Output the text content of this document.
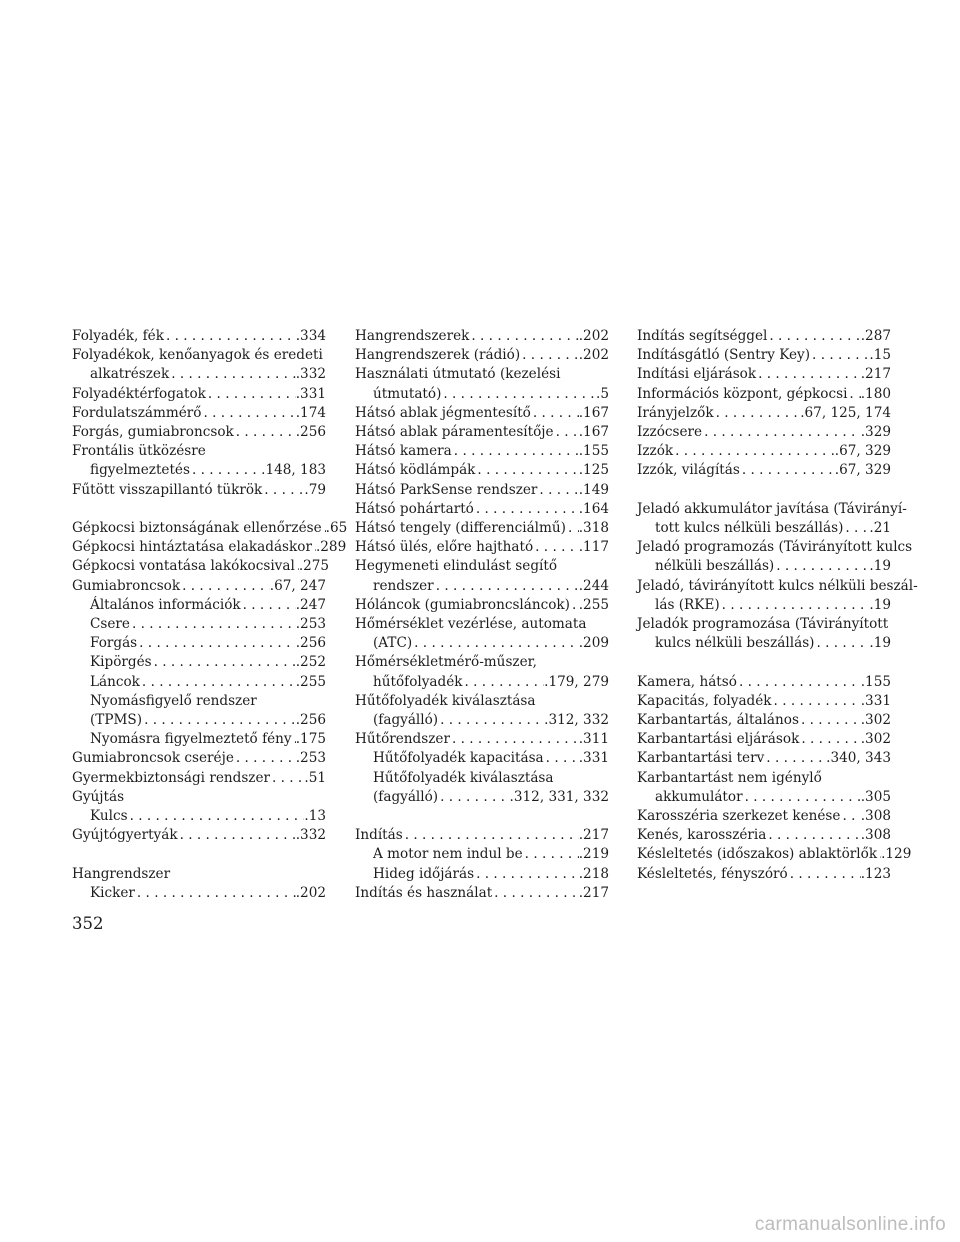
Folyadék, fék . . .	.334
Folyadékok, kenőanyagok és eredeti
alkatrészek . . .	.332
Folyadéktérfogatok . . .	.331
Fordulatszámmérő . . .	.174
Forgás, gumiabroncsok . . .	.256
Frontális ütközésre
figyelmeztetés . . .	.148, 183
Fűtött visszapillantó tükrök . . .	.79
Gépkocsi biztonságának ellenőrzése . . . .65
Gépkocsi hintáztatása elakadáskor . . . .289
Gépkocsi vontatása lakókocsival . . . .275
Gumiabroncsok . . .	.67, 247
Általános információk . . .	.247
Csere . . .	.253
Forgás . . .	.256
Kipörgés . . .	.252
Láncok . . .	.255
Nyomásfigyelő rendszer
(TPMS) . . .	.256
Nyomásra figyelmeztető fény . . . .175
Gumiabroncsok cseréje . . .	.253
Gyermekbiztonsági rendszer . . .	.51
Gyújtás
Kulcs . . .	.13
Gyújtógyertyák . . .	.332
Hangrendszer
Kicker . . .	.202
Hangrendszerek . . .	.202
Hangrendszerek (rádió) . . .	.202
Használati útmutató (kezelési
útmutató) . . .	.5
Hátsó ablak jégmentesítő . . .	.167
Hátsó ablak páramentesítője . . . .167
Hátsó kamera . . .	.155
Hátsó ködlámpák . . .	.125
Hátsó ParkSense rendszer . . .	.149
Hátsó pohártartó . . .	.164
Hátsó tengely (differenciálmű) . . . .318
Hátsó ülés, előre hajtható . . .	.117
Hegymeneti elindulást segítő
rendszer . . .	.244
Hóláncok (gumiabroncsláncok) . . . .255
Hőmérséklet vezérlése, automata
(ATC) . . .	.209
Hőmérsékletmérő-műszer,
hűtőfolyadék . . .	.179, 279
Hűtőfolyadék kiválasztása
(fagyálló) . . .	.312, 332
Hűtőrendszer . . .	.311
Hűtőfolyadék kapacitása . . .	.331
Hűtőfolyadék kiválasztása
(fagyálló) . . .	.312, 331, 332
Indítás . . .	.217
A motor nem indul be . . .	.219
Hideg időjárás . . .	.218
Indítás és használat . . .	.217
Indítás segítséggel . . .	.287
Indításgátló (Sentry Key) . . .	.15
Indítási eljárások . . .	.217
Információs központ, gépkocsi . . . .180
Irányjelzők . . .	.67, 125, 174
Izzócsere . . .	.329
Izzók . . .	.67, 329
Izzók, világítás . . .	.67, 329
Jeladó akkumulátor javítása (Távirányí-
tott kulcs nélküli beszállás) . . . .21
Jeladó programozás (Távirányított kulcs
nélküli beszállás) . . .	.19
Jeladó, távirányított kulcs nélküli beszál-
lás (RKE) . . .	.19
Jeladók programozása (Távirányított
kulcs nélküli beszállás) . . .	.19
Kamera, hátsó . . .	.155
Kapacitás, folyadék . . .	.331
Karbantartás, általános . . .	.302
Karbantartási eljárások . . .	.302
Karbantartási terv . . .	.340, 343
Karbantartást nem igénylő
akkumulátor . . .	.305
Karosszéria szerkezet kenése . . . .308
Kenés, karosszéria . . .	.308
Késleltetés (időszakos) ablaktörlők . . . .129
Késleltetés, fényszóró . . .	.123
352
carmanualsonline.info
